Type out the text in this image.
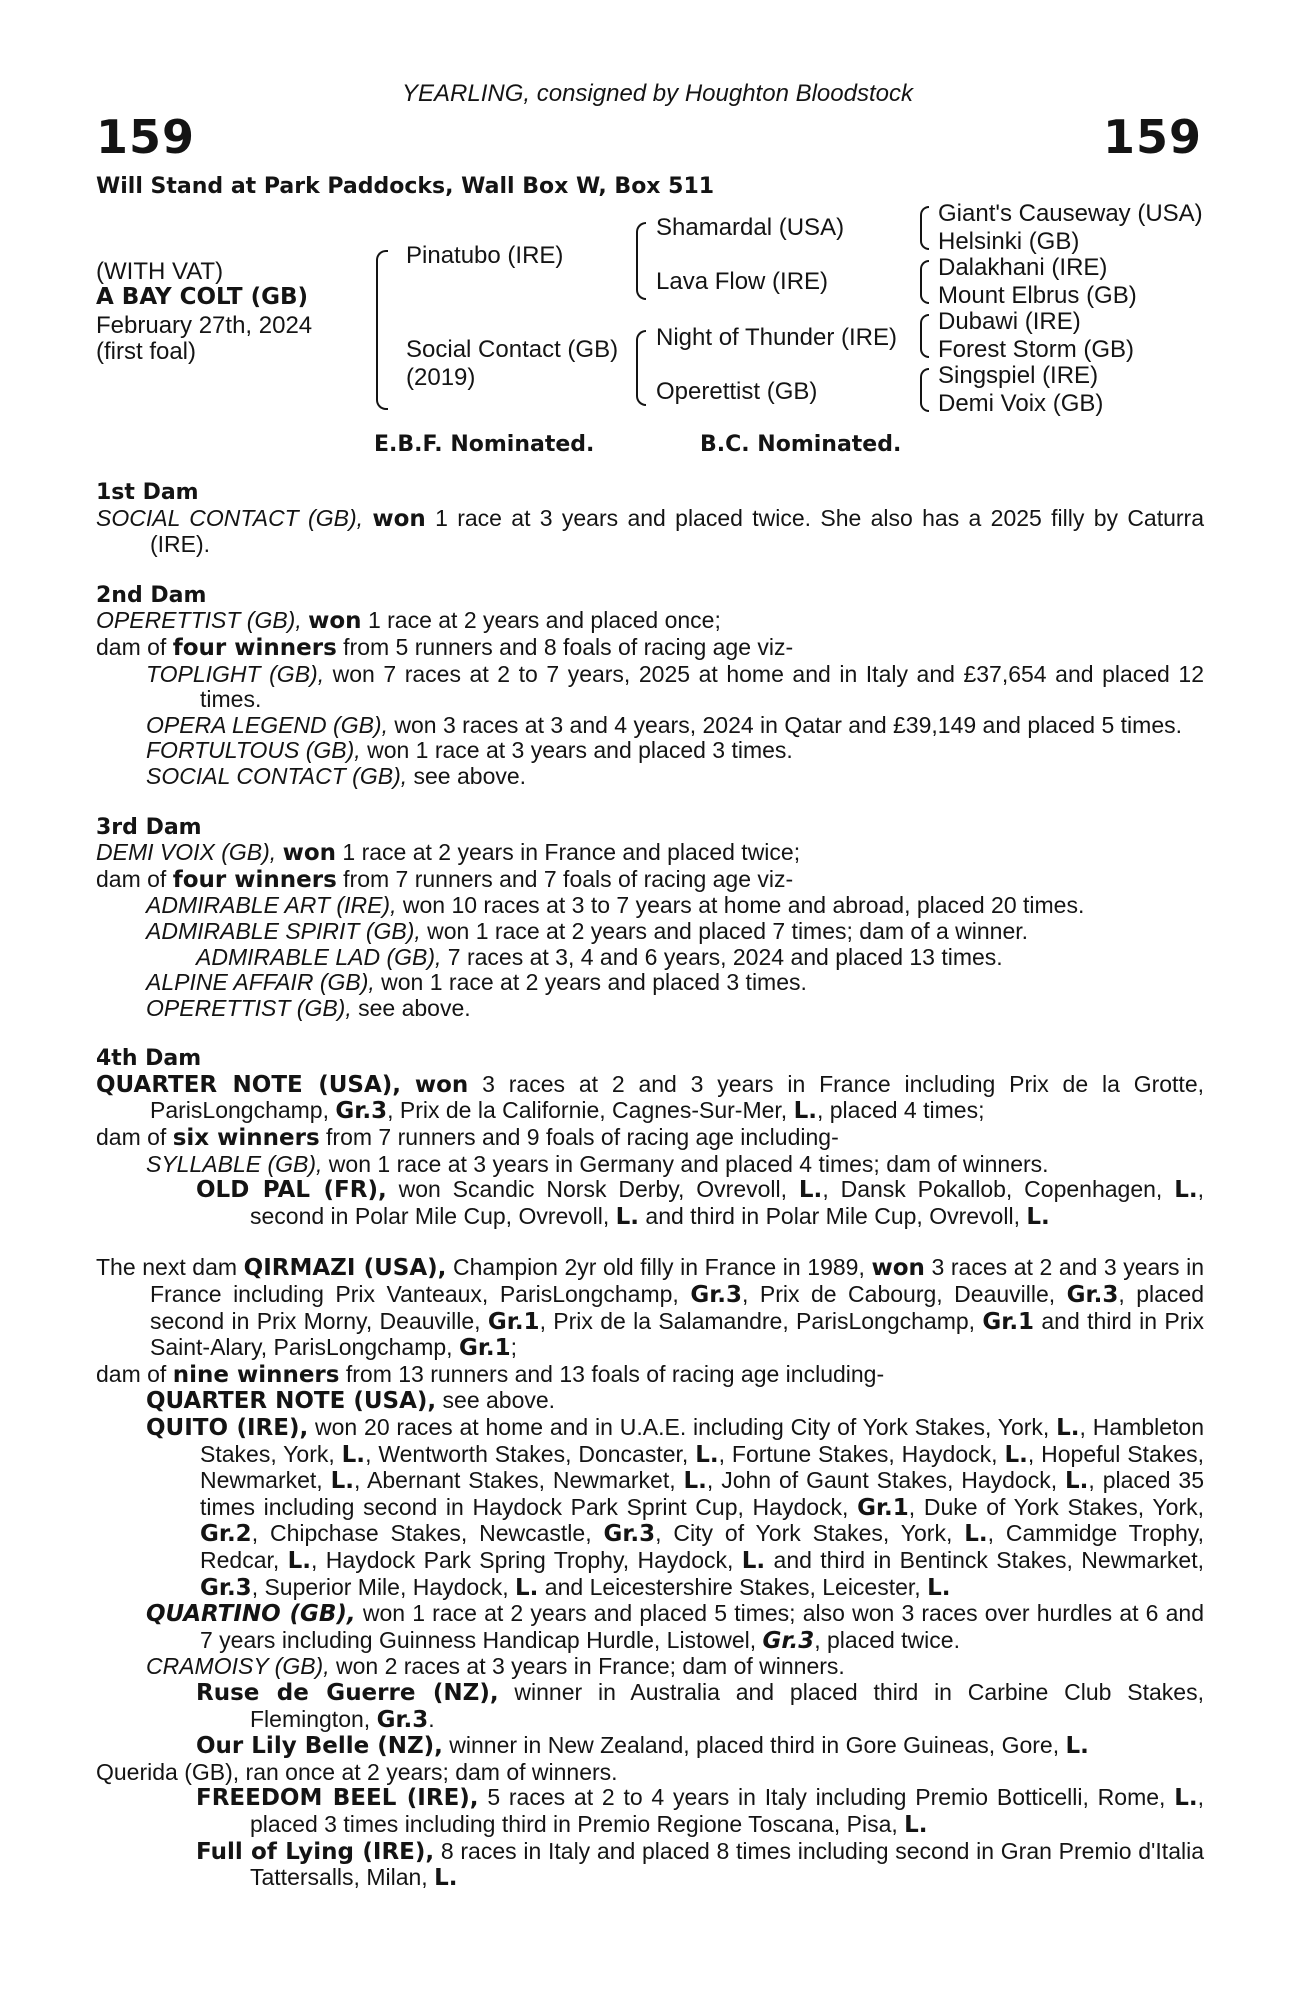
YEARLING, consigned by Houghton Bloodstock
159	159
Will Stand at Park Paddocks, Wall Box W, Box 511
(WITH VAT)
A BAY COLT (GB)
February 27th, 2024
(first foal)
Pinatubo (IRE)
Social Contact (GB)
(2019)
Shamardal (USA)
Lava Flow (IRE)
Night of Thunder (IRE)
Operettist (GB)
Giant's Causeway (USA)
Helsinki (GB)
Dalakhani (IRE)
Mount Elbrus (GB)
Dubawi (IRE)
Forest Storm (GB)
Singspiel (IRE)
Demi Voix (GB)
E.B.F. Nominated.	B.C. Nominated.
1st Dam
SOCIAL CONTACT (GB), won 1 race at 3 years and placed twice. She also has a 2025 filly by Caturra (IRE).
2nd Dam
OPERETTIST (GB), won 1 race at 2 years and placed once;
dam of four winners from 5 runners and 8 foals of racing age viz-
TOPLIGHT (GB), won 7 races at 2 to 7 years, 2025 at home and in Italy and £37,654 and placed 12 times.
OPERA LEGEND (GB), won 3 races at 3 and 4 years, 2024 in Qatar and £39,149 and placed 5 times.
FORTULTOUS (GB), won 1 race at 3 years and placed 3 times.
SOCIAL CONTACT (GB), see above.
3rd Dam
DEMI VOIX (GB), won 1 race at 2 years in France and placed twice;
dam of four winners from 7 runners and 7 foals of racing age viz-
ADMIRABLE ART (IRE), won 10 races at 3 to 7 years at home and abroad, placed 20 times.
ADMIRABLE SPIRIT (GB), won 1 race at 2 years and placed 7 times; dam of a winner.
ADMIRABLE LAD (GB), 7 races at 3, 4 and 6 years, 2024 and placed 13 times.
ALPINE AFFAIR (GB), won 1 race at 2 years and placed 3 times.
OPERETTIST (GB), see above.
4th Dam
QUARTER NOTE (USA), won 3 races at 2 and 3 years in France including Prix de la Grotte, ParisLongchamp, Gr.3, Prix de la Californie, Cagnes-Sur-Mer, L., placed 4 times;
dam of six winners from 7 runners and 9 foals of racing age including-
SYLLABLE (GB), won 1 race at 3 years in Germany and placed 4 times; dam of winners.
OLD PAL (FR), won Scandic Norsk Derby, Ovrevoll, L., Dansk Pokallob, Copenhagen, L., second in Polar Mile Cup, Ovrevoll, L. and third in Polar Mile Cup, Ovrevoll, L.
The next dam QIRMAZI (USA), Champion 2yr old filly in France in 1989, won 3 races at 2 and 3 years in France including Prix Vanteaux, ParisLongchamp, Gr.3, Prix de Cabourg, Deauville, Gr.3, placed second in Prix Morny, Deauville, Gr.1, Prix de la Salamandre, ParisLongchamp, Gr.1 and third in Prix Saint-Alary, ParisLongchamp, Gr.1;
dam of nine winners from 13 runners and 13 foals of racing age including-
QUARTER NOTE (USA), see above.
QUITO (IRE), won 20 races at home and in U.A.E. including City of York Stakes, York, L., Hambleton Stakes, York, L., Wentworth Stakes, Doncaster, L., Fortune Stakes, Haydock, L., Hopeful Stakes, Newmarket, L., Abernant Stakes, Newmarket, L., John of Gaunt Stakes, Haydock, L., placed 35 times including second in Haydock Park Sprint Cup, Haydock, Gr.1, Duke of York Stakes, York, Gr.2, Chipchase Stakes, Newcastle, Gr.3, City of York Stakes, York, L., Cammidge Trophy, Redcar, L., Haydock Park Spring Trophy, Haydock, L. and third in Bentinck Stakes, Newmarket, Gr.3, Superior Mile, Haydock, L. and Leicestershire Stakes, Leicester, L.
QUARTINO (GB), won 1 race at 2 years and placed 5 times; also won 3 races over hurdles at 6 and 7 years including Guinness Handicap Hurdle, Listowel, Gr.3, placed twice.
CRAMOISY (GB), won 2 races at 3 years in France; dam of winners.
Ruse de Guerre (NZ), winner in Australia and placed third in Carbine Club Stakes, Flemington, Gr.3.
Our Lily Belle (NZ), winner in New Zealand, placed third in Gore Guineas, Gore, L.
Querida (GB), ran once at 2 years; dam of winners.
FREEDOM BEEL (IRE), 5 races at 2 to 4 years in Italy including Premio Botticelli, Rome, L., placed 3 times including third in Premio Regione Toscana, Pisa, L.
Full of Lying (IRE), 8 races in Italy and placed 8 times including second in Gran Premio d'Italia Tattersalls, Milan, L.
